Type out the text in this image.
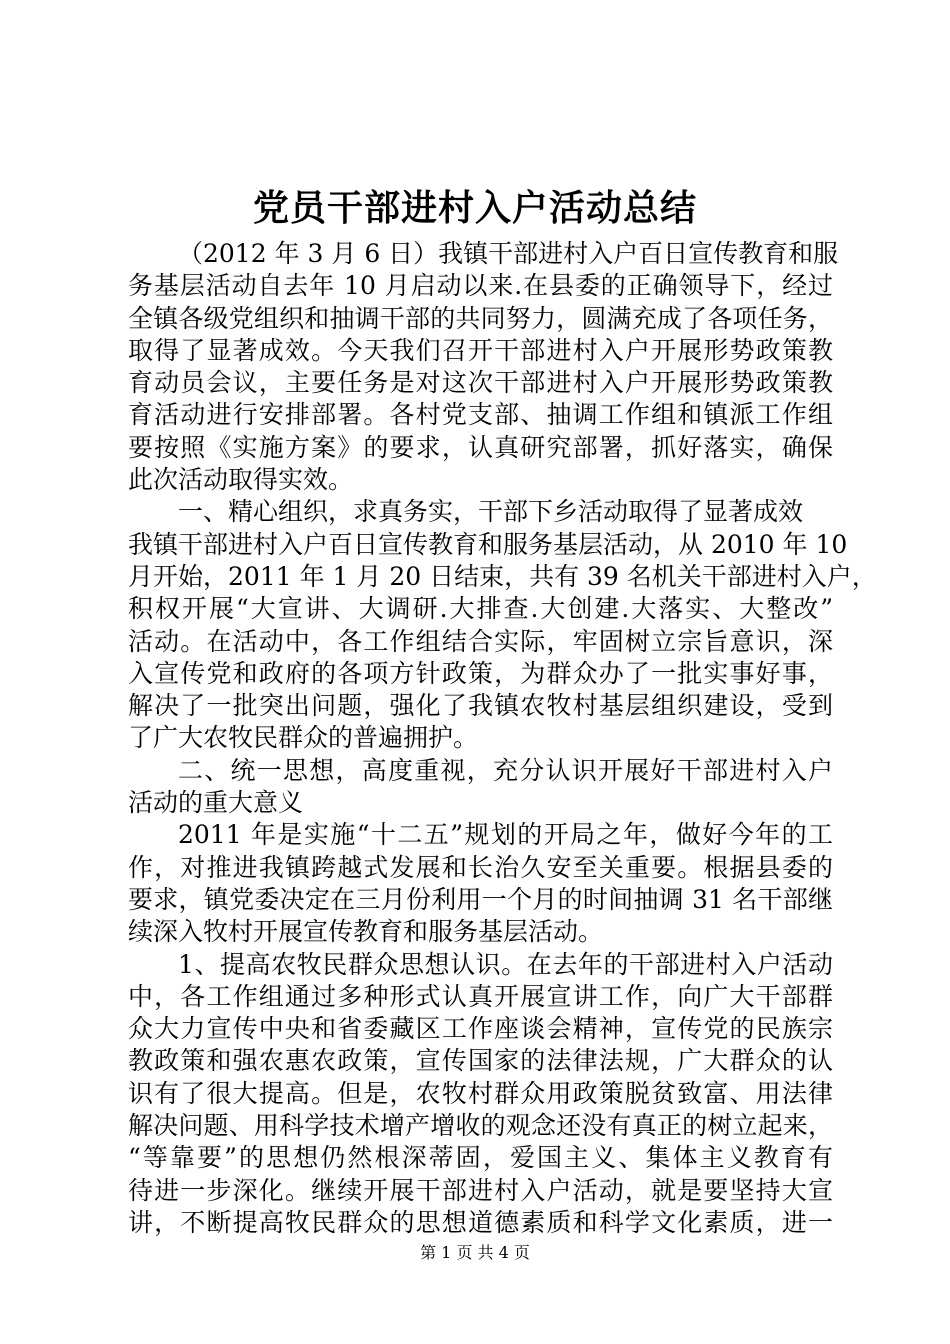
党员干部进村入户活动总结
（2012 年 3 月 6 日）我镇干部进村入户百日宣传教育和服
务基层活动自去年 10 月启动以来.在县委的正确领导下，经过
全镇各级党组织和抽调干部的共同努力，圆满充成了各项任务，
取得了显著成效。今天我们召开干部进村入户开展形势政策教
育动员会议，主要任务是对这次干部进村入户开展形势政策教
育活动进行安排部署。各村党支部、抽调工作组和镇派工作组
要按照《实施方案》的要求，认真研究部署，抓好落实，确保
此次活动取得实效。
一、精心组织，求真务实，干部下乡活动取得了显著成效
我镇干部进村入户百日宣传教育和服务基层活动，从 2010 年 10
月开始，2011 年 1 月 20 日结束，共有 39 名机关干部进村入户，
积权开展“大宣讲、大调研.大排查.大创建.大落实、大整改”
活动。在活动中，各工作组结合实际，牢固树立宗旨意识，深
入宣传党和政府的各项方针政策，为群众办了一批实事好事，
解决了一批突出问题，强化了我镇农牧村基层组织建设，受到
了广大农牧民群众的普遍拥护。
二、统一思想，高度重视，充分认识开展好干部进村入户
活动的重大意义
2011 年是实施“十二五”规划的开局之年，做好今年的工
作，对推进我镇跨越式发展和长治久安至关重要。根据县委的
要求，镇党委决定在三月份利用一个月的时间抽调 31 名干部继
续深入牧村开展宣传教育和服务基层活动。
1、提高农牧民群众思想认识。在去年的干部进村入户活动
中，各工作组通过多种形式认真开展宣讲工作，向广大干部群
众大力宣传中央和省委藏区工作座谈会精神，宣传党的民族宗
教政策和强农惠农政策，宣传国家的法律法规，广大群众的认
识有了很大提高。但是，农牧村群众用政策脱贫致富、用法律
解决问题、用科学技术增产增收的观念还没有真正的树立起来，
“等靠要”的思想仍然根深蒂固，爱国主义、集体主义教育有
待进一步深化。继续开展干部进村入户活动，就是要坚持大宣
讲，不断提高牧民群众的思想道德素质和科学文化素质，进一
第 1 页 共 4 页
